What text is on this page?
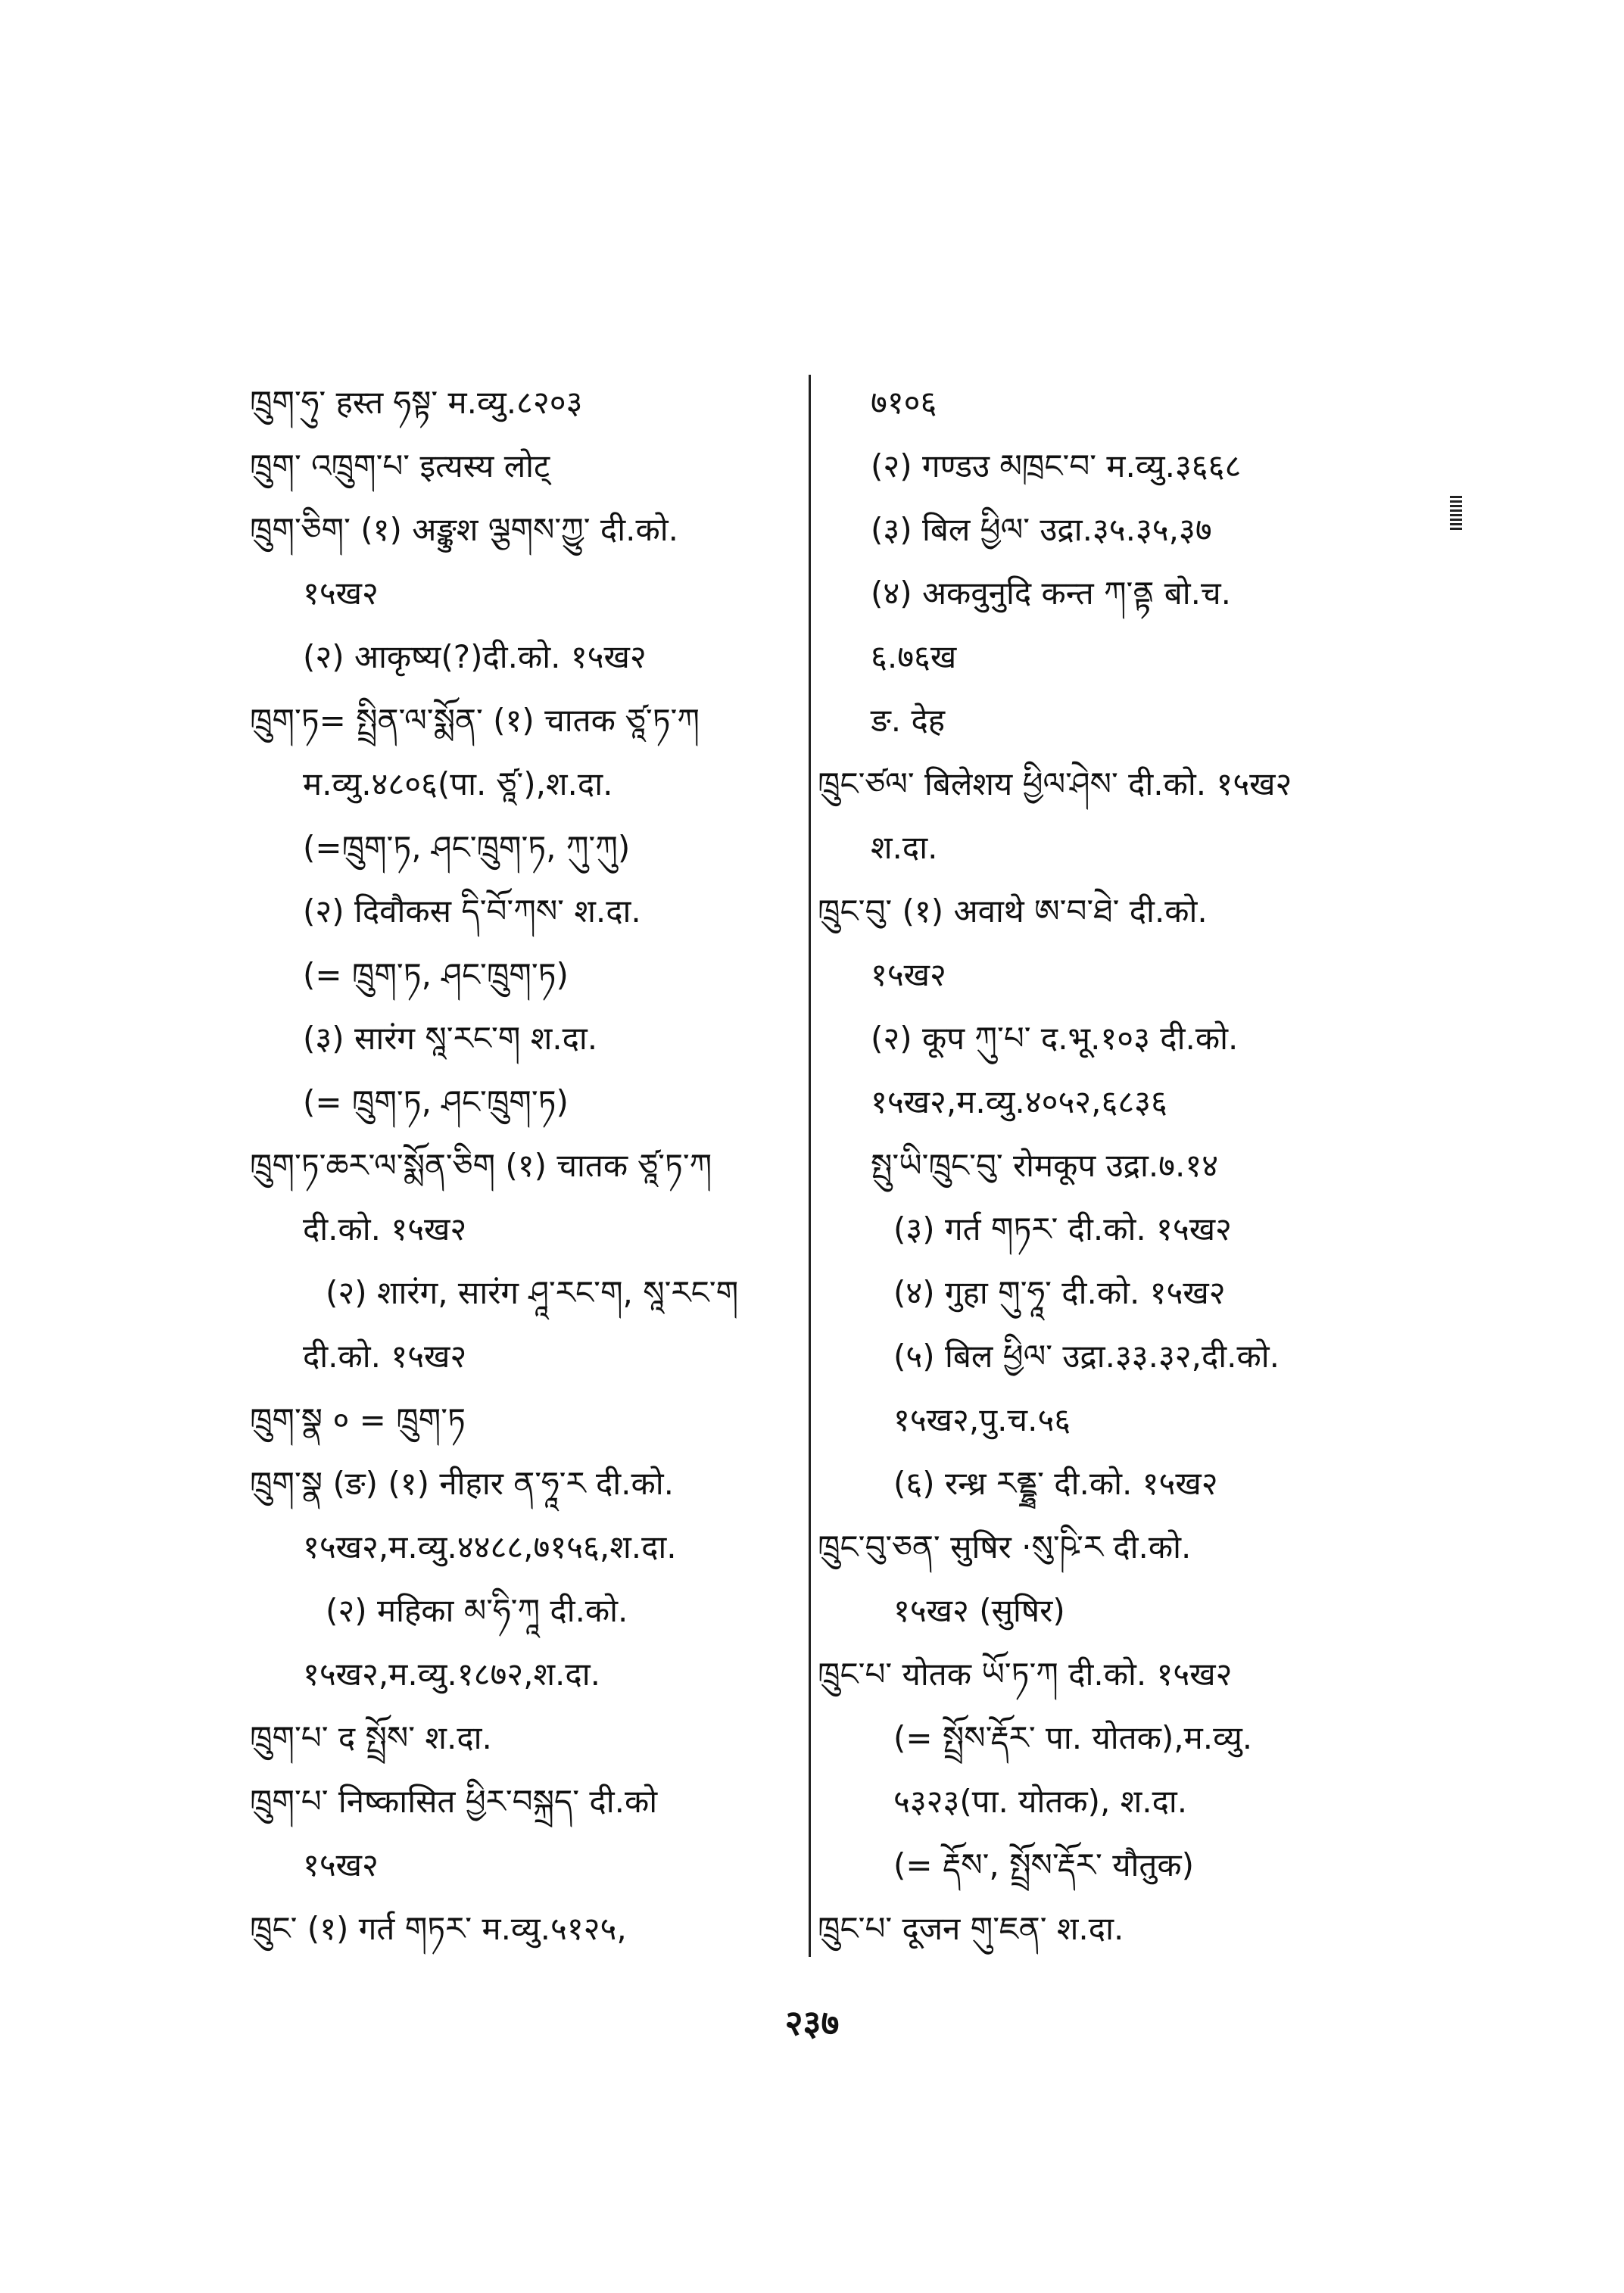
ཁྲུག་ཧུ་ हस्त ཧསྟ་ म.व्यु.८२०३
ཁྲུག་ འཁྲུག་པ་ इत्यस्य लोट्
ཁྲུག་ཅིག་ (१) अङ्कुश ལྕགས་ཀྱུ་ दी.को.
१५ख२
(२) आकृष्य(?)दी.को. १५ख२
ཁྲུག་ཏ= སྤྲིན་ལ་སྨོན་ (१) चातक ཙཱ་ཏ་ཀ
म.व्यु.४८०६(पा. ཙཱ་),श.दा.
(=ཁྲུག་ཏ, ཤང་ཁྲུག་ཏ, ཀུ་ཀུ)
(२) दिवौकस དི་བོ་ཀས་ श.दा.
(= ཁྲུག་ཏ, ཤང་ཁྲུག་ཏ)
(३) सारंग སཱ་རང་ག श.दा.
(= ཁྲུག་ཏ, ཤང་ཁྲུག་ཏ)
ཁྲུག་ཏ་ཆར་ལ་སྨོན་ཅིག (१) चातक ཙཱ་ཏ་ཀ
दी.को. १५ख२
(२) शारंग, सारंग ཤཱ་རང་ག, སཱ་རང་ག
दी.को. १५ख२
ཁྲུག་སྣ ० = ཁྲུག་ཏ
ཁྲུག་སྣ (ङ) (१) नीहार ན་ཧཱ་ར दी.को.
१५ख२,म.व्यु.४४८८,७१५६,श.दा.
(२) महिका མ་ཧི་ཀཱ दी.को.
१५ख२,म.व्यु.१८७२,श.दा.
ཁྲུག་པ་ द སྤྲོས་ श.दा.
ཁྲུག་པ་ निष्कासित ཕྱིར་བསྐྲད་ दी.को
१५ख२
ཁྲུང་ (१) गर्त གཏར་ म.व्यु.५१२५,
७१०६
(२) गण्डउ མཁྲང་བ་ म.व्यु.३६६८
(३) बिल ཕྱིལ་ उद्रा.३५.३५,३७
(४) अकवुनुदि कन्त ཀ་ནྟ बो.च.
६.७६ख
ङ. देह
ཁྲུང་ཙལ་ बिलेशय ཕྱིལ་ཤེས་ दी.को. १५ख२
श.दा.
ཁྲུང་བུ་ (१) अवाथे ཨ་བ་ཐེ་ दी.को.
१५ख२
(२) कूप ཀུ་པ་ द.भू.१०३ दी.को.
१५ख२,म.व्यु.४०५२,६८३६
སྤུ་ཡི་ཁྲུང་བུ་ रोमकूप उद्रा.७.१४
(३) गर्त གཏར་ दी.को. १५ख२
(४) गुहा གུ་ཧཱ་ दी.को. १५ख२
(५) बिल ཕྱིལ་ उद्रा.३३.३२,दी.को.
१५ख२,पु.च.५६
(६) रन्ध्र རནྡྷྲ་ दी.को. १५ख२
ཁྲུང་བུ་ཅན་ सुषिर ·སུ་ཥི་ར दी.को.
१५ख२ (सुषिर)
ཁྲུང་པ་ योतक ཡོ་ཏ་ཀ दी.को. १५ख२
(= སྤྲོས་རྡོར་ पा. योतक),म.व्यु.
५३२३(पा. योतक), श.दा.
(= རྡོས་, སྤྲོས་རྡོར་ यौतुक)
ཁྲུང་པ་ दूजन གུ་ཇན་ श.दा.
२३७
